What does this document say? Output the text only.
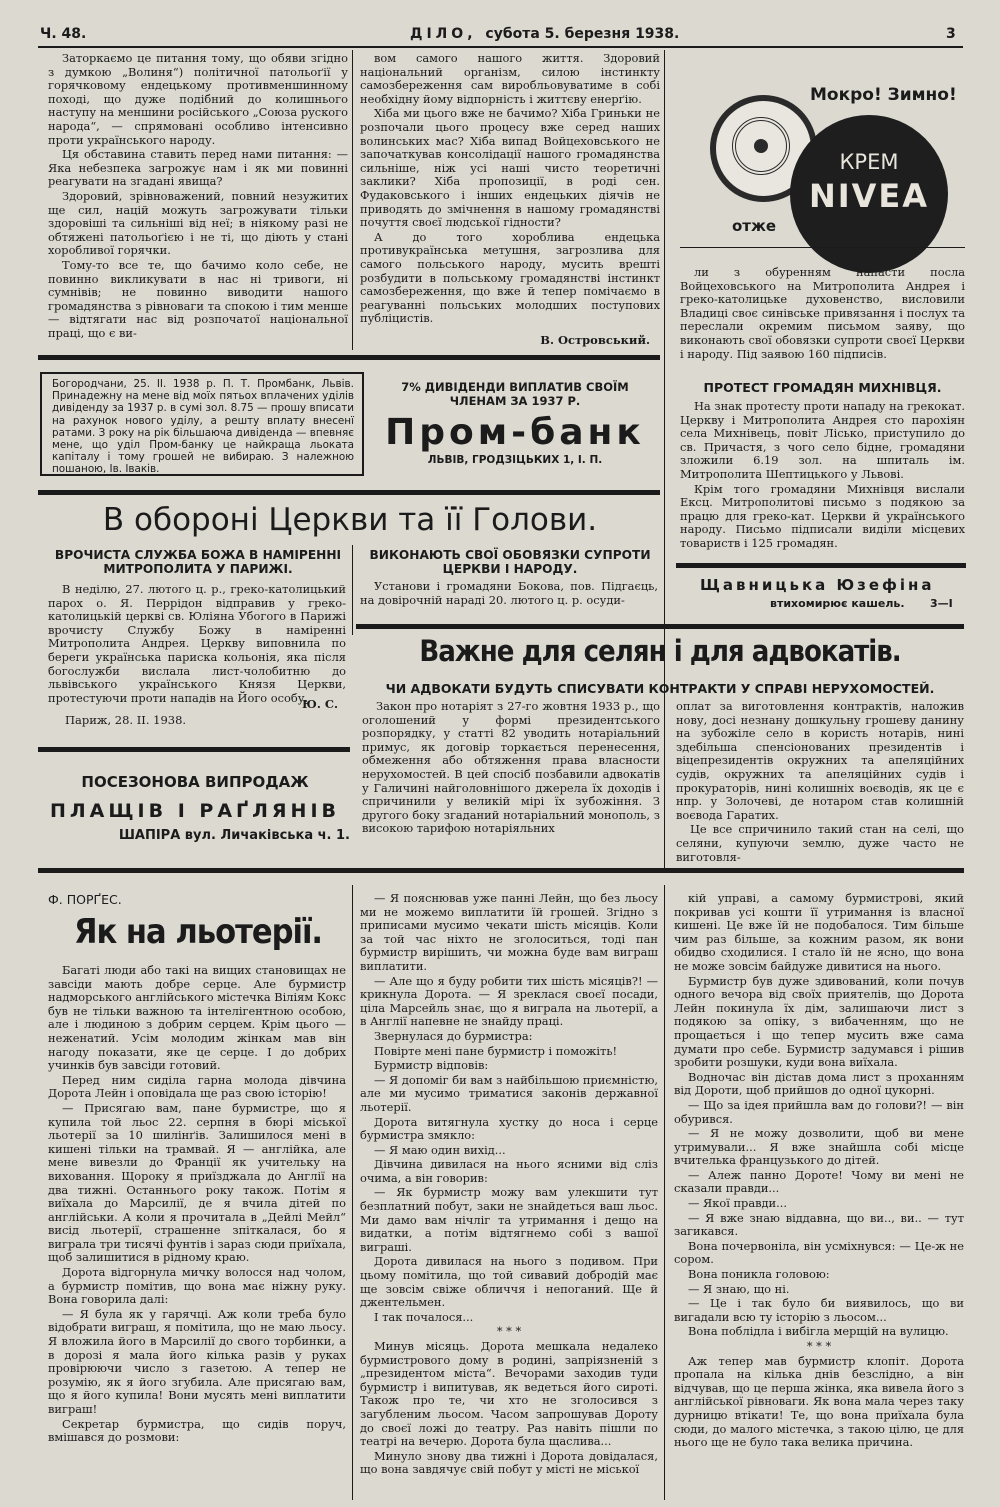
Ч. 48.	ДІЛО, субота 5. березня 1938.	3

Заторкаємо це питання тому, що обяви згідно з думкою „Волиня“) політичної патольоґії у горячковому ендецькому противменшинному поході, що дуже подібний до колишнього наступу на меншини російського „Союза руского народа“, — спрямовані особливо інтенсивно проти українського народу.

Ця обставина ставить перед нами питання: — Яка небезпека загрожує нам і як ми повинні реагувати на згадані явища?

Здоровий, зрівноважений, повний незужитих ще сил, націй можуть загрожувати тільки здоровіші та сильніші від неї; в ніякому разі не обтяжені патольоґією і не ті, що діють у стані хоробливої горячки.

Тому-то все те, що бачимо коло себе, не повинно викликувати в нас ні тривоги, ні сумнівів; не повинно виводити нашого громадянства з рівноваги та спокою і тим менше — відтягати нас від розпочатої національної праці, що є ви-

вом самого нашого життя. Здоровий національний організм, силою інстинкту самозбереження сам виробльовуватиме в собі необхідну йому відпорність і життєву енерґію.

Хіба ми цього вже не бачимо? Хіба Гриньки не розпочали цього процесу вже серед наших волинських мас? Хіба випад Войцеховського не започаткував консолідації нашого громадянства сильніше, ніж усі наші чисто теоретичні заклики? Хіба пропозиції, в роді сен. Фудаковського і інших ендецьких діячів не приводять до змічнення в нашому громадянстві почуття своєї людської гідности?

А до того хоробливa ендецька противукраїнська метушня, загрозлива для самого польського народу, мусить врешті розбудити в польському громадянстві інстинкт самозбереження, що вже й тепер помічаємо в реагуванні польських молодших поступових публіцистів.

В. Островський.
Мокро! Зимно!
КРЕМ
NIVEA
отже

ли з обуренням напасти посла Войцеховського на Митрополита Андрея і греко-католицьке духовенство, висловили Владиці своє синівське привязання і послух та переслали окремим письмом заяву, що виконають свої обовязки супроти своєї Церкви і народу. Під заявою 160 підписів.

ПРОТЕСТ ГРОМАДЯН МИХНІВЦЯ.

На знак протесту проти нападу на грекокат. Церкву і Митрополита Андрея сто парохіян села Михнівець, повіт Лісько, приступило до св. Причастя, з чого село бідне, громадяни зложили 6.19 зол. на шпиталь ім. Митрополита Шептицького у Львові.

Крім того громадяни Михнівця вислали Ексц. Митрополитові письмо з подякою за працю для греко-кат. Церкви й українського народу. Письмо підписали виділи місцевих товариств і 125 громадян.

Щавницька Юзефіна
втихомирює кашель. 3—I
Богородчани, 25. II. 1938 р. П. Т. Промбанк, Львів. Принадежну на мене від моїх пятьох вплачених уділів дивіденду за 1937 р. в сумі зол. 8.75 — прошу вписати на рахунок нового уділу, а решту вплату внесенї ратами. З року на рік більшаюча дивіденда — впевняє мене, що уділ Пром-банку це найкраща льоката капіталу і тому грошей не вибираю. З належною пошаною, Ів. Іваків.
7% ДИВІДЕНДИ ВИПЛАТИВ СВОЇМ
ЧЛЕНАМ ЗА 1937 Р.
Пром-банк
ЛЬВІВ, ГРОДЗІЦЬКИХ 1, І. П.
В обороні Церкви та її Голови.
ВРОЧИСТА СЛУЖБА БОЖА В НАМІРЕННІ МИТРОПОЛИТА У ПАРИЖІ.

В неділю, 27. лютого ц. р., греко-католицький парох о. Я. Перрідон відправив у греко-католицькій церкві св. Юліяна Убогого в Парижі врочисту Службу Божу в наміренні Митрополита Андрея. Церкву виповнила по береги українська парискa кольонія, яка після богослужби вислала лист-чолобитню до львівського українського Князя Церкви, протестуючи проти нападів на Його особу.

Ю. С.
Париж, 28. II. 1938.
ВИКОНАЮТЬ СВОЇ ОБОВЯЗКИ СУПРОТИ ЦЕРКВИ І НАРОДУ.

Установи і громадяни Бокова, пов. Підгаєць, на довірочній нараді 20. лютого ц. р. осуди-

Важне для селян і для адвокатів.
ЧИ АДВОКАТИ БУДУТЬ СПИСУВАТИ КОНТРАКТИ У СПРАВІ НЕРУХОМОСТЕЙ.

Закон про нотаріят з 27-го жовтня 1933 р., що оголошений у формі президентського розпорядку, у статті 82 уводить нотаріальний примус, як договір торкається перенесення, обмеження або обтяження права власности нерухомостей. В цей спосіб позбавили адвокатів у Галичині найголовнішого джерела їх доходів і спричинили у великій мірі їх зубожіння. З другого боку згаданий нотаріальний монополь, з високою тарифою нотаріяльних

оплат за виготовлення контрактів, наложив нову, досі незнану дошкульну грошеву данину на зубожіле село в користь нотарів, нині здебільша спенсіонованих президентів і віцепрезидентів окружних та апеляційних судів, окружних та апеляційних судів і прокураторів, нині колишніх воєводів, як це є нпр. у Золочеві, де нотаром став колишній воєвода Гаратих.

Це все спричинило такий стан на селі, що селяни, купуючи землю, дуже часто не виготовля-

ПОСЕЗОНОВА ВИПРОДАЖ
ПЛАЩІВ І РАҐЛЯНІВ
ШАПІРА вул. Личаківська ч. 1.
Ф. ПОРҐЕС.
Як на льотерії.

Багаті люди або такі на вищих становищах не завсіди мають добре серце. Але бурмистр надморського англійського містечка Віліям Кокс був не тільки важною та інтелігентною особою, але і людиною з добрим серцем. Крім цього — неженатий. Усім молодим жінкам мав він нагоду показати, яке це серце. І до добрих учинків був завсіди готовий.

Перед ним сиділа гарна молода дівчина Дорота Лейн і оповідала ще раз свою історію!

— Присягаю вам, пане бурмистре, що я купила той льос 22. серпня в бюрі міської льотерії за 10 шилінґів. Залишилося мені в кишені тільки на трамвай. Я — англійка, але мене вивезли до Франції як учительку на виховання. Щороку я приїзджала до Англії на два тижні. Останнього року також. Потім я виїхала до Марсилії, де я вчила дітей по англійськи. А коли я прочитала в „Дейлі Мейл“ висід льотерії, страшенне зпіткалася, бо я виграла три тисячі фунтів і зараз сюди приїхала, щоб залишитися в рідному краю.

Дорота відгорнула мичку волосся над чолом, а бурмистр помітив, що вона має ніжну руку. Вона говорила далі:

— Я була як у гарячці. Аж коли треба було відобрати виграш, я помітила, що не маю льосу. Я вложила його в Марсилії до свого торбинки, а в дорозі я мала його кілька разів у руках провірюючи число з газетою. А тепер не розумію, як я його згубила. Але присягаю вам, що я його купила! Вони мусять мені виплатити виграш!

Секретар бурмистра, що сидів поруч, вмішався до розмови:

— Я пояснював уже панні Лейн, що без льосу ми не можемо виплатити їй грошей. Згідно з приписами мусимо чекати шість місяців. Коли за той час ніхто не зголоситься, тоді пан бурмистр вирішить, чи можна буде вам виграш виплатити.

— Але що я буду робити тих шість місяців?! — крикнула Дорота. — Я зреклася своєї посади, ціла Марсейль знає, що я виграла на льотерії, а в Англії напевне не знайду праці.

Звернулася до бурмистра:

Повірте мені пане бурмистр і поможіть!

Бурмистр відповів:

— Я допоміг би вам з найбільшою приємністю, але ми мусимо триматися законів державної льотерії.

Дорота витягнула хустку до носа і серце бурмистра змякло:

— Я маю один вихід...

Дівчина дивилася на нього ясними від сліз очима, а він говорив:

— Як бурмистр можу вам улекшити тут безплатний побут, заки не знайдеться ваш льос. Ми дамо вам нічліг та утримання і дещо на видатки, а потім відтягнемо собі з вашої виграші.

Дорота дивилася на нього з подивом. При цьому помітила, що той сивавий добродій має ще зовсім свіже обличчя і непоганий. Ще й джентельмен.

І так почалося...

* * *

Минув місяць. Дорота мешкала недалеко бурмистрового дому в родині, запріязненій з „президентом міста“. Вечорами заходив туди бурмистр і випитував, як ведеться його сироті. Також про те, чи хто не зголосився з загубленим льосом. Часом запрошував Дороту до своєї ложі до театру. Раз навіть пішли по театрі на вечерю. Дорота була щаслива...

Минуло знову два тижні і Дорота довідалася, що вона завдячує свій побут у місті не міської

кій управі, а самому бурмистрові, який покривав усі кошти її утримання із власної кишені. Це вже їй не подобалося. Тим більше чим раз більше, за кожним разом, як вони обидво сходилися. І стало їй не ясно, що вона не може зовсім байдуже дивитися на нього.

Бурмистр був дуже здивований, коли почув одного вечора від своїх приятелів, що Дорота Лейн покинула їх дім, залишаючи лист з подякою за опіку, з вибаченням, що не прощається і що тепер мусить вже сама думати про себе. Бурмистр задумався і рішив зробити розшуки, куди вона виїхала.

Водночас він дістав дома лист з проханням від Дороти, щоб прийшов до одної цукорні.

— Що за ідея прийшла вам до голови?! — він обурився.

— Я не можу дозволити, щоб ви мене утримували... Я вже знайшла собі місце вчителька французького до дітей.

— Алеж панно Дороте! Чому ви мені не сказали правди...

— Якої правди...

— Я вже знаю віддавна, що ви.., ви.. — тут загикався.

Вона почервоніла, він усміхнувся: — Це-ж не сором.

Вона поникла головою:

— Я знаю, що ні.

— Це і так було би виявилось, що ви вигадали всю ту історію з льосом...

Вона поблідла і вибігла мерщій на вулицю.

* * *

Аж тепер мав бурмистр клопіт. Дорота пропала на кілька днів безслідно, а він відчував, що це перша жінка, яка вивела його з англійської рівноваги. Як вона мала через таку дурницю втікати! Те, що вона приїхала була сюди, до малого містечка, з такою цілю, це для нього ще не було така велика причина.
